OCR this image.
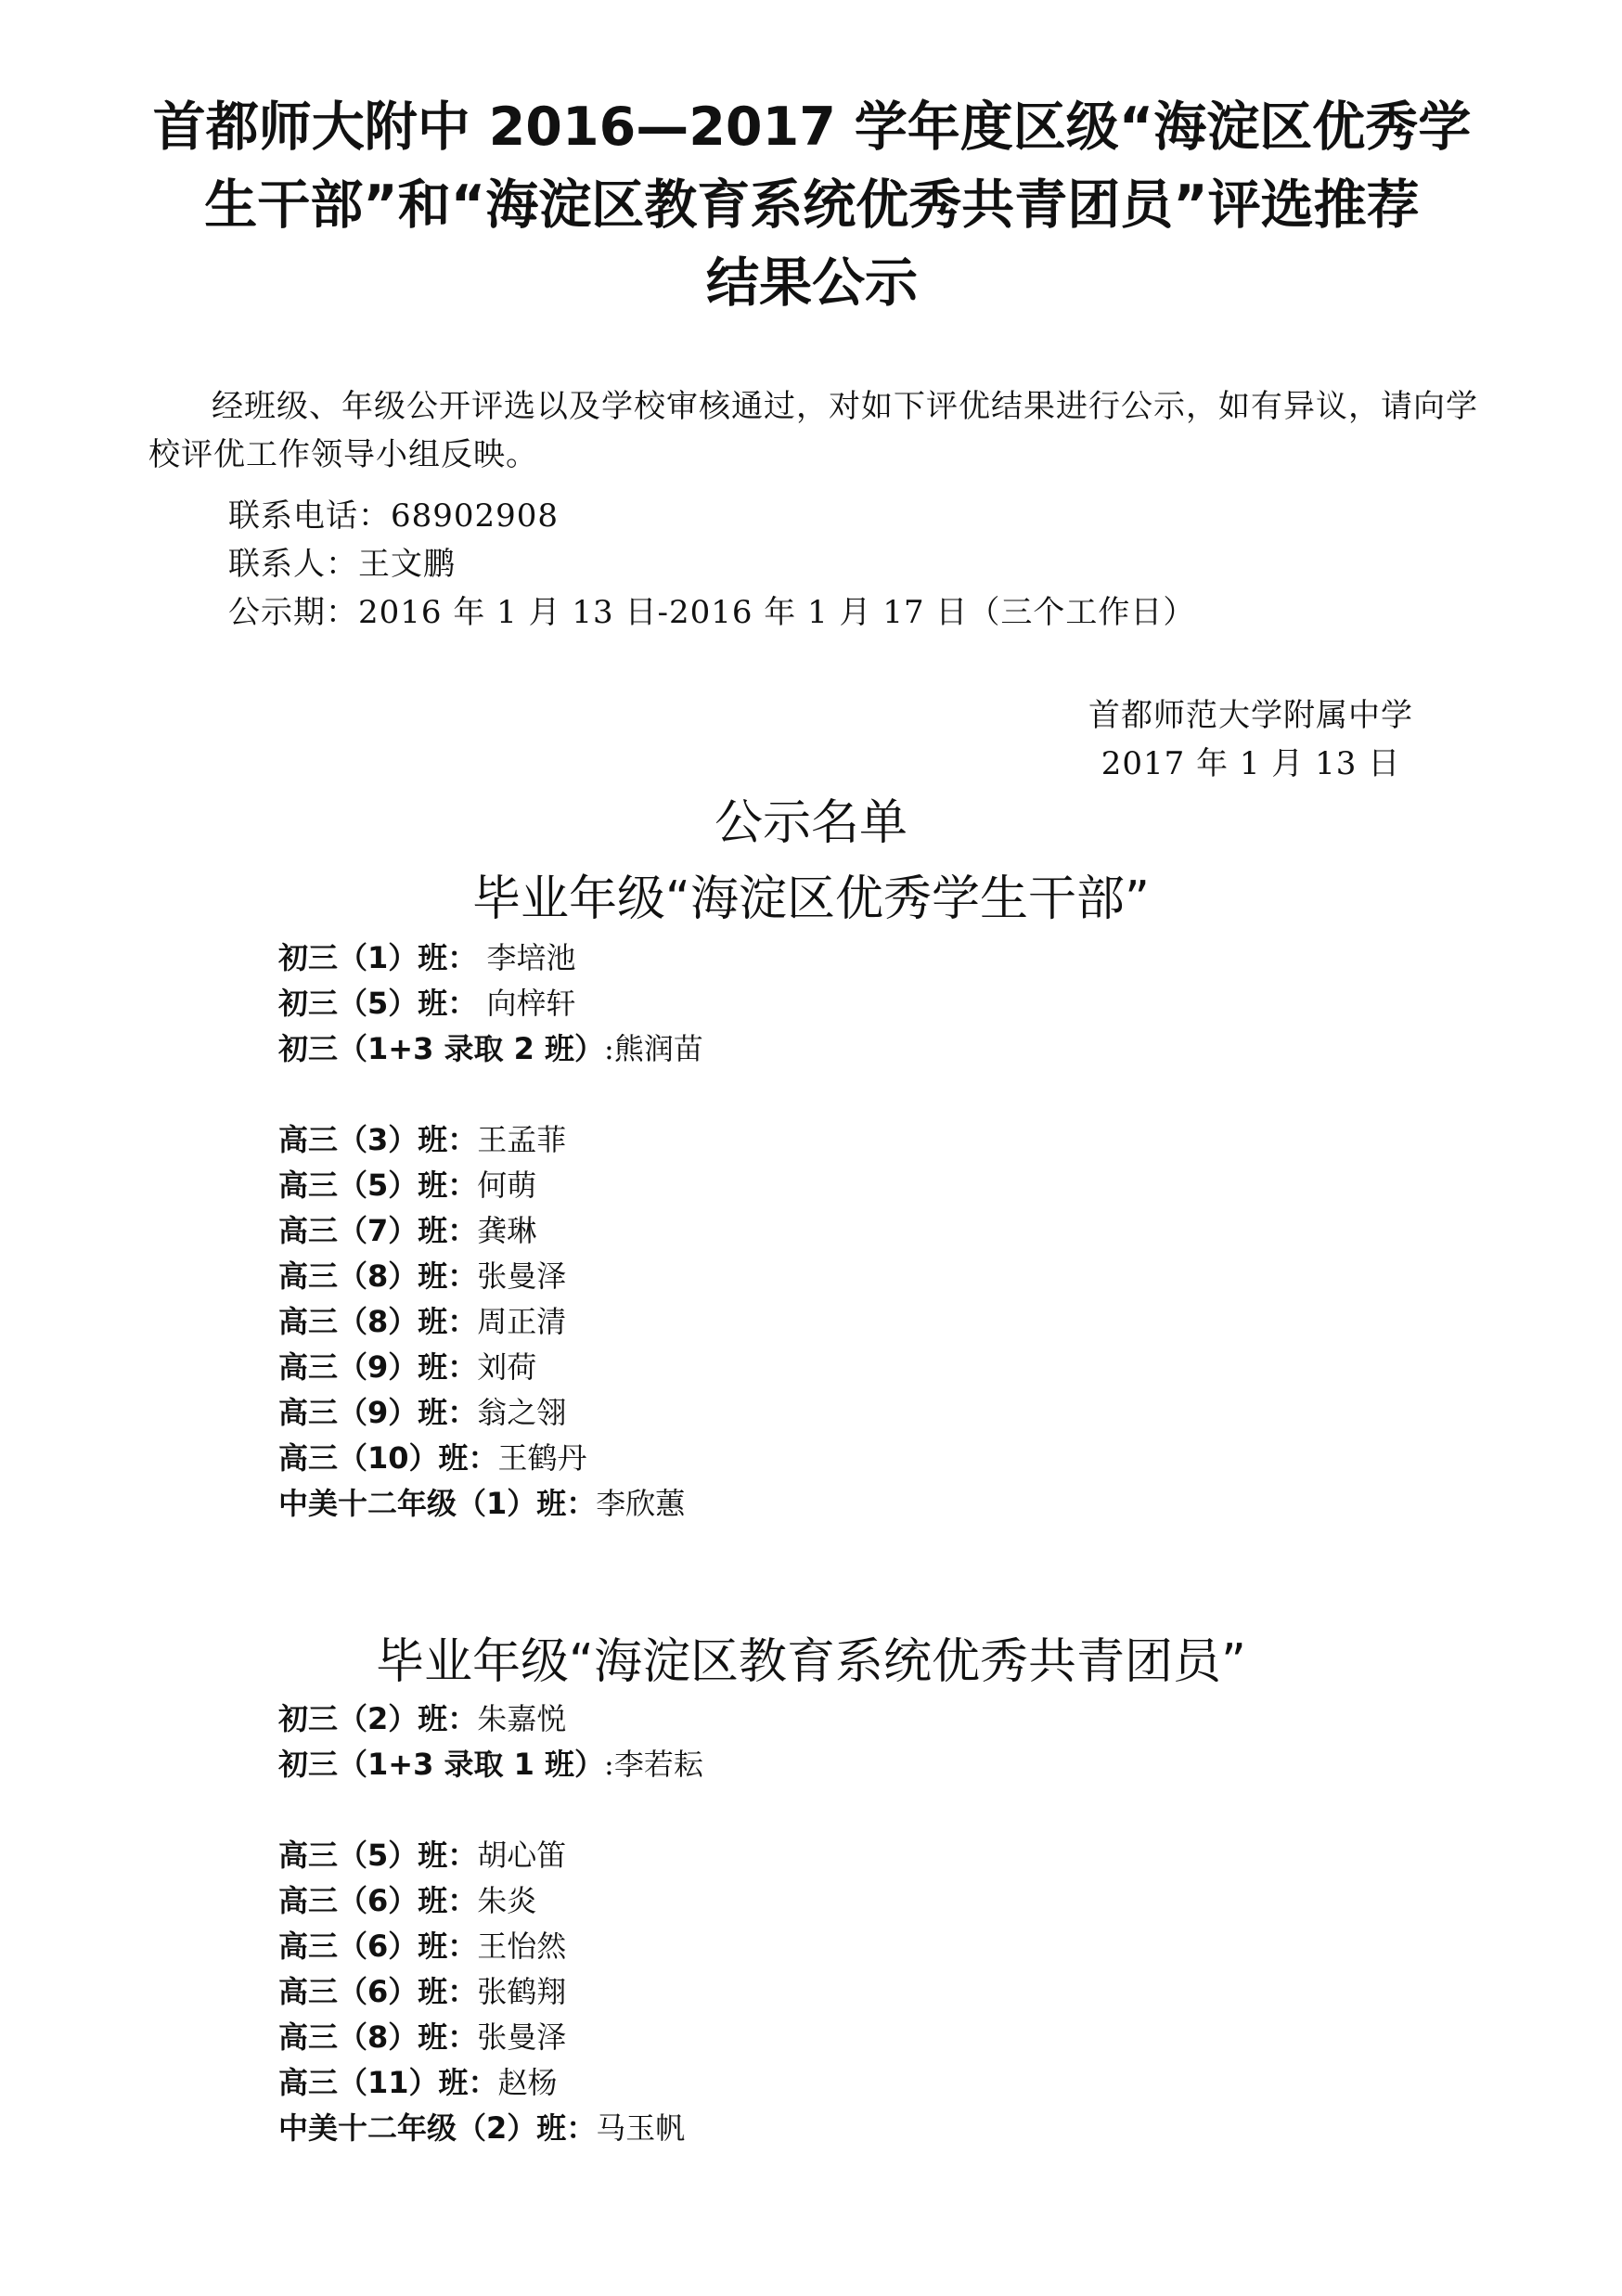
首都师大附中 2016—2017 学年度区级“海淀区优秀学
生干部”和“海淀区教育系统优秀共青团员”评选推荐
结果公示

经班级、年级公开评选以及学校审核通过，对如下评优结果进行公示，如有异议，请向学校评优工作领导小组反映。

联系电话：68902908
联系人：王文鹏
公示期：2016 年 1 月 13 日-2016 年 1 月 17 日（三个工作日）
首都师范大学附属中学
2017 年 1 月 13 日
公示名单
毕业年级“海淀区优秀学生干部”
初三（1）班： 李培池
初三（5）班： 向梓轩
初三（1+3 录取 2 班）:熊润苗
高三（3）班：王孟菲
高三（5）班：何萌
高三（7）班：龚琳
高三（8）班：张曼泽
高三（8）班：周正清
高三（9）班：刘荷
高三（9）班：翁之翎
高三（10）班：王鹤丹
中美十二年级（1）班：李欣蕙
毕业年级“海淀区教育系统优秀共青团员”
初三（2）班：朱嘉悦
初三（1+3 录取 1 班）:李若耘
高三（5）班：胡心笛
高三（6）班：朱炎
高三（6）班：王怡然
高三（6）班：张鹤翔
高三（8）班：张曼泽
高三（11）班：赵杨
中美十二年级（2）班：马玉帆
